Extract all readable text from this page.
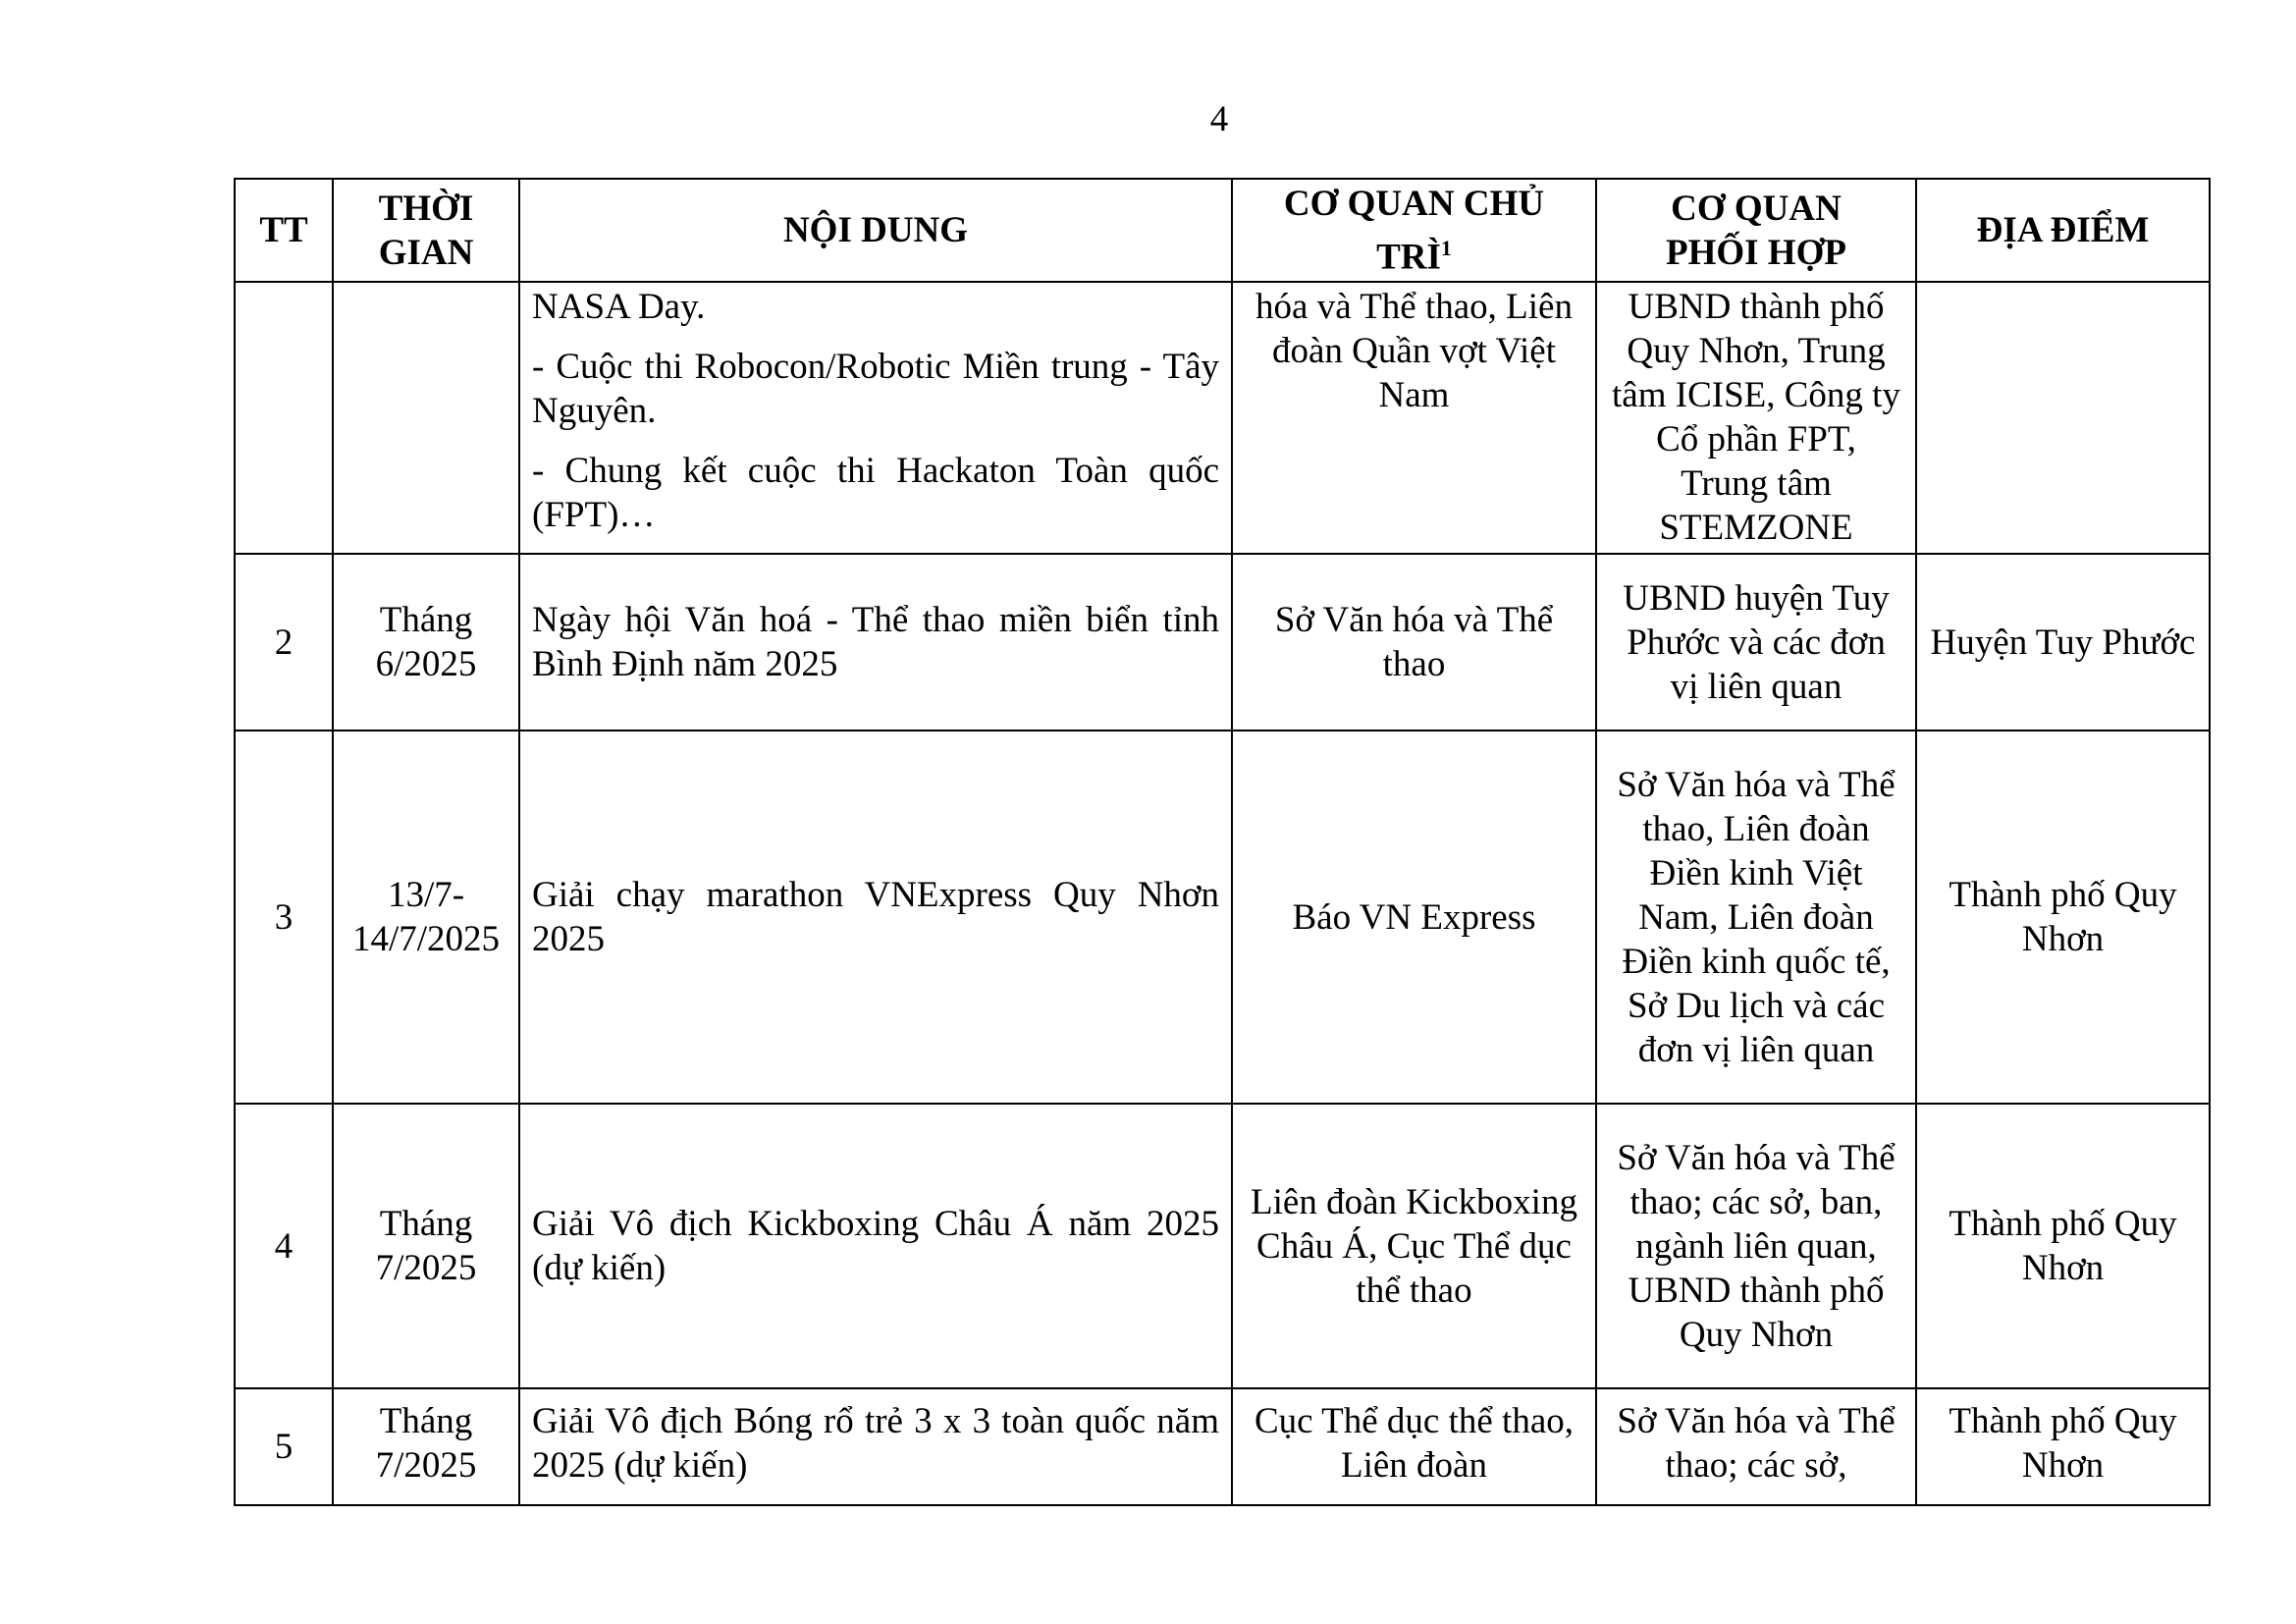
4
TT	THỜI GIAN	NỘI DUNG	CƠ QUAN CHỦ TRÌ$^1$	CƠ QUAN PHỐI HỢP	ĐỊA ĐIỂM

		NASA Day.

- Cuộc thi Robocon/Robotic Miền trung - Tây Nguyên.

- Chung kết cuộc thi Hackaton Toàn quốc (FPT)…	hóa và Thể thao, Liên đoàn Quần vợt Việt Nam	UBND thành phố Quy Nhơn, Trung tâm ICISE, Công ty Cổ phần FPT, Trung tâm STEMZONE	
2	Tháng 6/2025	Ngày hội Văn hoá - Thể thao miền biển tỉnh Bình Định năm 2025	Sở Văn hóa và Thể thao	UBND huyện Tuy Phước và các đơn vị liên quan	Huyện Tuy Phước
3	13/7-14/7/2025	Giải chạy marathon VNExpress Quy Nhơn 2025	Báo VN Express	Sở Văn hóa và Thể thao, Liên đoàn Điền kinh Việt Nam, Liên đoàn Điền kinh quốc tế, Sở Du lịch và các đơn vị liên quan	Thành phố Quy Nhơn
4	Tháng 7/2025	Giải Vô địch Kickboxing Châu Á năm 2025 (dự kiến)	Liên đoàn Kickboxing Châu Á, Cục Thể dục thể thao	Sở Văn hóa và Thể thao; các sở, ban, ngành liên quan, UBND thành phố Quy Nhơn	Thành phố Quy Nhơn
5	Tháng 7/2025	Giải Vô địch Bóng rổ trẻ 3 x 3 toàn quốc năm 2025 (dự kiến)	Cục Thể dục thể thao, Liên đoàn	Sở Văn hóa và Thể thao; các sở,	Thành phố Quy Nhơn
